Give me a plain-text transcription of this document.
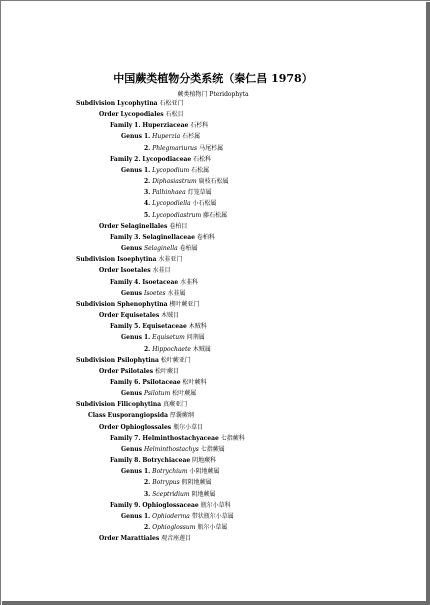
中国蕨类植物分类系统（秦仁昌 1978）
蕨类植物门 Pteridophyta
Subdivision Lycophytina 石松亚门
Order Lycopodiales 石松目
Family 1. Huperziaceae 石杉科
Genus 1. Huperzia 石杉属
2. Phlegmariurus 马尾杉属
Family 2. Lycopodiaceae 石松科
Genus 1. Lycopodium 石松属
2. Diphasiastrum 扁枝石松属
3. Palhinhaea 灯笼草属
4. Lycopodiella 小石松属
5. Lycopodiastrum 藤石松属
Order Selaginellales 卷柏目
Family 3. Selaginellaceae 卷柏科
Genus Selaginella 卷柏属
Subdivision Isoephytina 水韭亚门
Order Isoetales 水韭目
Family 4. Isoetaceae 水韭科
Genus Isoetes 水韭属
Subdivision Sphenophytina 楔叶蕨亚门
Order Equisetales 木贼目
Family 5. Equisetaceae 木贼科
Genus 1. Equisetum 问荆属
2. Hippochaete 木贼属
Subdivision Psilophytina 松叶蕨亚门
Order Psilotales 松叶蕨目
Family 6. Psilotaceae 松叶蕨科
Genus Psilotum 松叶蕨属
Subdivision Filicophytina 真蕨亚门
Class Eusporangiopsida 厚囊蕨纲
Order Ophioglossales 瓶尔小草目
Family 7. Helminthostachyaceae 七指蕨科
Genus Helminthostachys 七指蕨属
Family 8. Botrychiaceae 阴地蕨科
Genus 1. Botrychium 小阴地蕨属
2. Botrypus 假阴地蕨属
3. Sceptridium 阴地蕨属
Family 9. Ophioglossaceae 瓶尔小草科
Genus 1. Ophioderma 带状瓶尔小草属
2. Ophioglossum 瓶尔小草属
Order Marattiales 观音座莲目
